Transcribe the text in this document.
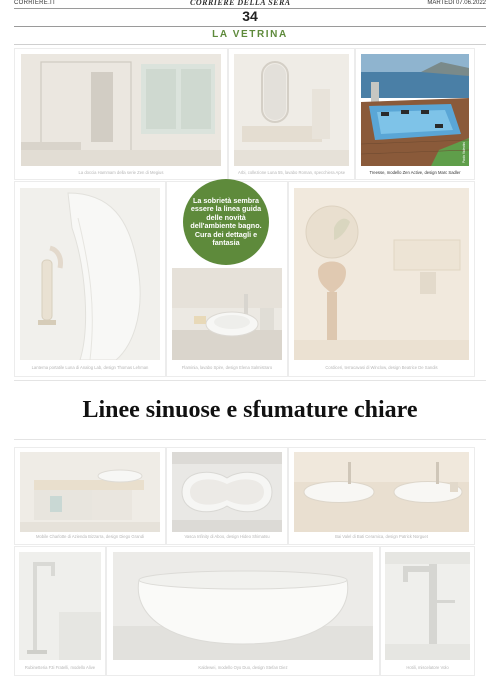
CORRIERE.IT	CORRIERE DELLA SERA	MARTEDÌ 07.06.2022
34
LA VETRINA
La doccia Hammam della serie Zen di Megius	Arbi, collezione Luna 55, lavabo Roman, specchiera Apse
Paolo Valentini
Treesse, modello Zen Active, design Marc Sadler
Lanterna portatile Luna di Analog Lab, design Thomas Lehman	Flaminia, lavabo Spire, design Elena Salmistraro	Cordiceri, terracavasi di Winclow, design Beatrice De Sandis
La sobrietà sembra essere la linea guida delle novità dell'ambiente bagno. Cura dei dettagli e fantasia
Linee sinuose e sfumature chiare
Mobile Charlotte di Azienda Bizzarra, design Diego Grandi	Vasca Infinity di Aboo, design Hideo Shimatsu	Bai Valel di Bati Ceramica, design Patrick Norguet
Rubinetteria F3i Fratelli, modello Alive	Kaldewei, modello Oyo Duo, design Stefan Diez	Hotili, miscelatore Volo
